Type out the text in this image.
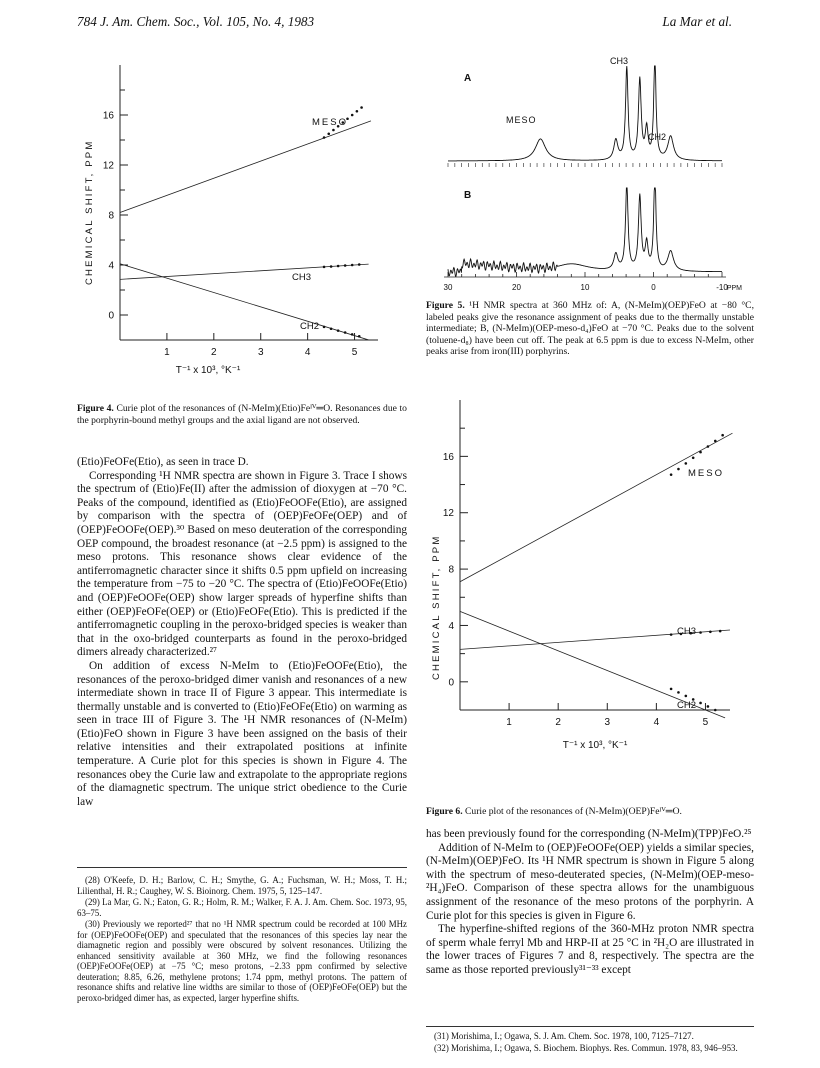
784 J. Am. Chem. Soc., Vol. 105, No. 4, 1983	La Mar et al.
0
4
8
12
16
1	2	3	4	5
CHEMICAL SHIFT, PPM
T⁻¹ x 10³, °K⁻¹
MESO
CH3
CH2
Figure 4. Curie plot of the resonances of (N-MeIm)(Etio)Feᴵⱽ═O. Resonances due to the porphyrin-bound methyl groups and the axial ligand are not observed.

(Etio)FeOFe(Etio), as seen in trace D.

Corresponding ¹H NMR spectra are shown in Figure 3. Trace I shows the spectrum of (Etio)Fe(II) after the admission of dioxygen at −70 °C. Peaks of the compound, identified as (Etio)FeOOFe(Etio), are assigned by comparison with the spectra of (OEP)FeOFe(OEP) and of (OEP)FeOOFe(OEP).³⁰ Based on meso deuteration of the corresponding OEP compound, the broadest resonance (at −2.5 ppm) is assigned to the meso protons. This resonance shows clear evidence of the antiferromagnetic character since it shifts 0.5 ppm upfield on increasing the temperature from −75 to −20 °C. The spectra of (Etio)FeOOFe(Etio) and (OEP)FeOOFe(OEP) show larger spreads of hyperfine shifts than either (OEP)FeOFe(OEP) or (Etio)FeOFe(Etio). This is predicted if the antiferromagnetic coupling in the peroxo-bridged species is weaker than that in the oxo-bridged counterparts as found in the peroxo-bridged dimers already characterized.²⁷

On addition of excess N-MeIm to (Etio)FeOOFe(Etio), the resonances of the peroxo-bridged dimer vanish and resonances of a new intermediate shown in trace II of Figure 3 appear. This intermediate is thermally unstable and is converted to (Etio)FeOFe(Etio) on warming as seen in trace III of Figure 3. The ¹H NMR resonances of (N-MeIm)(Etio)FeO shown in Figure 3 have been assigned on the basis of their relative intensities and their extrapolated positions at infinite temperature. A Curie plot for this species is shown in Figure 4. The resonances obey the Curie law and extrapolate to the appropriate regions of the diamagnetic spectrum. The unique strict obedience to the Curie law

(28) O'Keefe, D. H.; Barlow, C. H.; Smythe, G. A.; Fuchsman, W. H.; Moss, T. H.; Lilienthal, H. R.; Caughey, W. S. Bioinorg. Chem. 1975, 5, 125–147.

(29) La Mar, G. N.; Eaton, G. R.; Holm, R. M.; Walker, F. A. J. Am. Chem. Soc. 1973, 95, 63–75.

(30) Previously we reported²⁷ that no ¹H NMR spectrum could be recorded at 100 MHz for (OEP)FeOOFe(OEP) and speculated that the resonances of this species lay near the diamagnetic region and possibly were obscured by solvent resonances. Utilizing the enhanced sensitivity available at 360 MHz, we find the following resonances (OEP)FeOOFe(OEP) at −75 °C; meso protons, −2.33 ppm confirmed by selective deuteration; 8.85, 6.26, methylene protons; 1.74 ppm, methyl protons. The pattern of resonance shifts and relative line widths are similar to those of (OEP)FeOFe(OEP) but the peroxo-bridged dimer has, as expected, larger hyperfine shifts.

A
B
CH3
MESO
CH2
30	20	10	0	-10 PPM
Figure 5. ¹H NMR spectra at 360 MHz of: A, (N-MeIm)(OEP)FeO at −80 °C, labeled peaks give the resonance assignment of peaks due to the thermally unstable intermediate; B, (N-MeIm)(OEP-meso-d₄)FeO at −70 °C. Peaks due to the solvent (toluene-d₈) have been cut off. The peak at 6.5 ppm is due to excess N-MeIm, other peaks arise from iron(III) porphyrins.
0
4
8
12
16
1	2	3	4	5
CHEMICAL SHIFT, PPM
T⁻¹ x 10³, °K⁻¹
MESO
CH3
CH2
Figure 6. Curie plot of the resonances of (N-MeIm)(OEP)Feᴵⱽ═O.

has been previously found for the corresponding (N-MeIm)(TPP)FeO.²⁵

Addition of N-MeIm to (OEP)FeOOFe(OEP) yields a similar species, (N-MeIm)(OEP)FeO. Its ¹H NMR spectrum is shown in Figure 5 along with the spectrum of meso-deuterated species, (N-MeIm)(OEP-meso-²H₄)FeO. Comparison of these spectra allows for the unambiguous assignment of the resonance of the meso protons of the porphyrin. A Curie plot for this species is given in Figure 6.

The hyperfine-shifted regions of the 360-MHz proton NMR spectra of sperm whale ferryl Mb and HRP-II at 25 °C in ²H₂O are illustrated in the lower traces of Figures 7 and 8, respectively. The spectra are the same as those reported previously³¹⁻³³ except

(31) Morishima, I.; Ogawa, S. J. Am. Chem. Soc. 1978, 100, 7125–7127.

(32) Morishima, I.; Ogawa, S. Biochem. Biophys. Res. Commun. 1978, 83, 946–953.
